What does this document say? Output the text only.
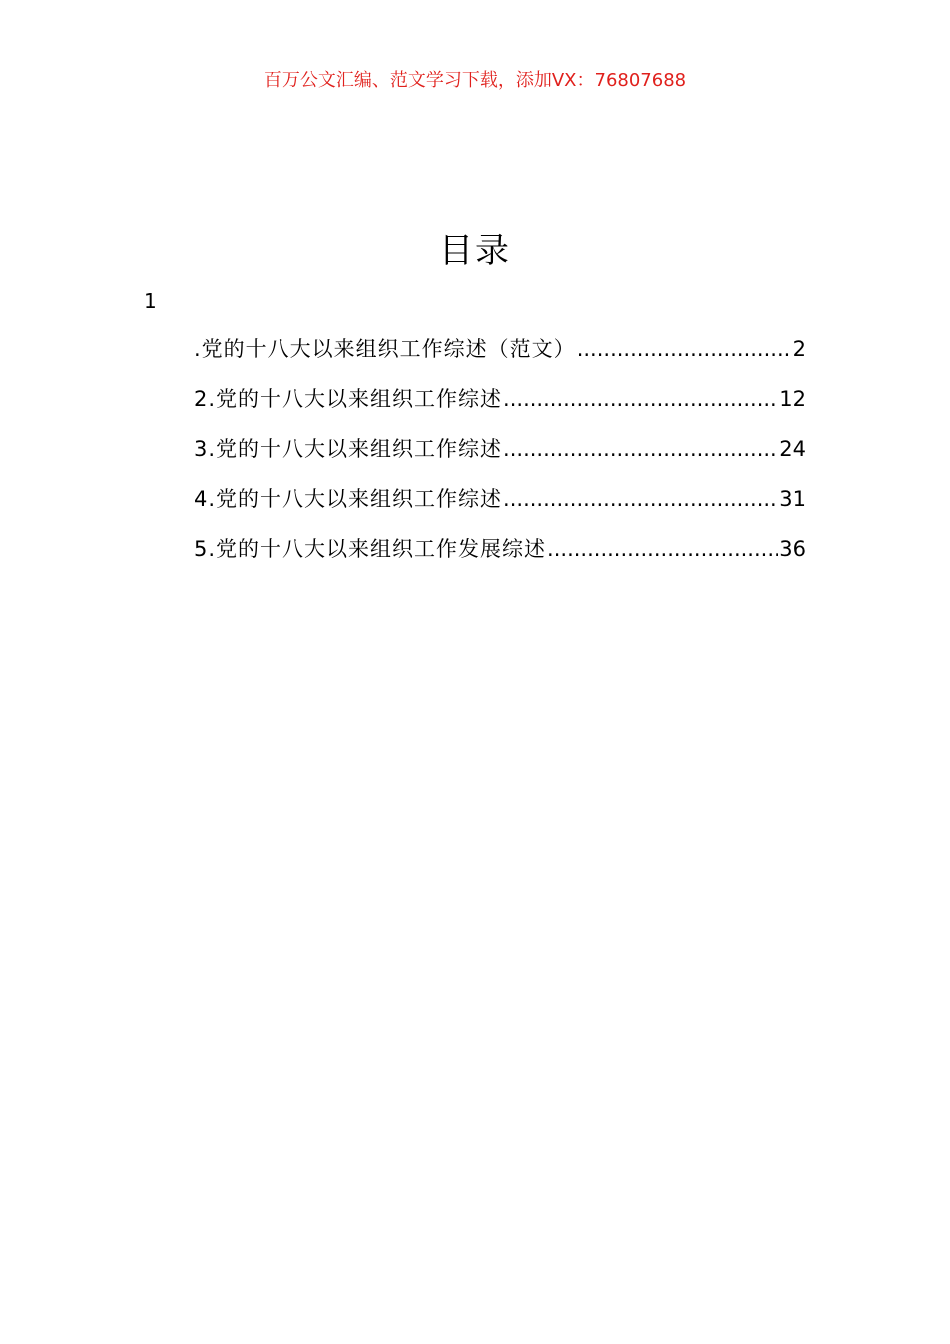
百万公文汇编、范文学习下载，添加VX：76807688
目录
1
.党的十八大以来组织工作综述（范文） .....	2
2.党的十八大以来组织工作综述 .....	12
3.党的十八大以来组织工作综述 .....	24
4.党的十八大以来组织工作综述 .....	31
5.党的十八大以来组织工作发展综述 .....	36
